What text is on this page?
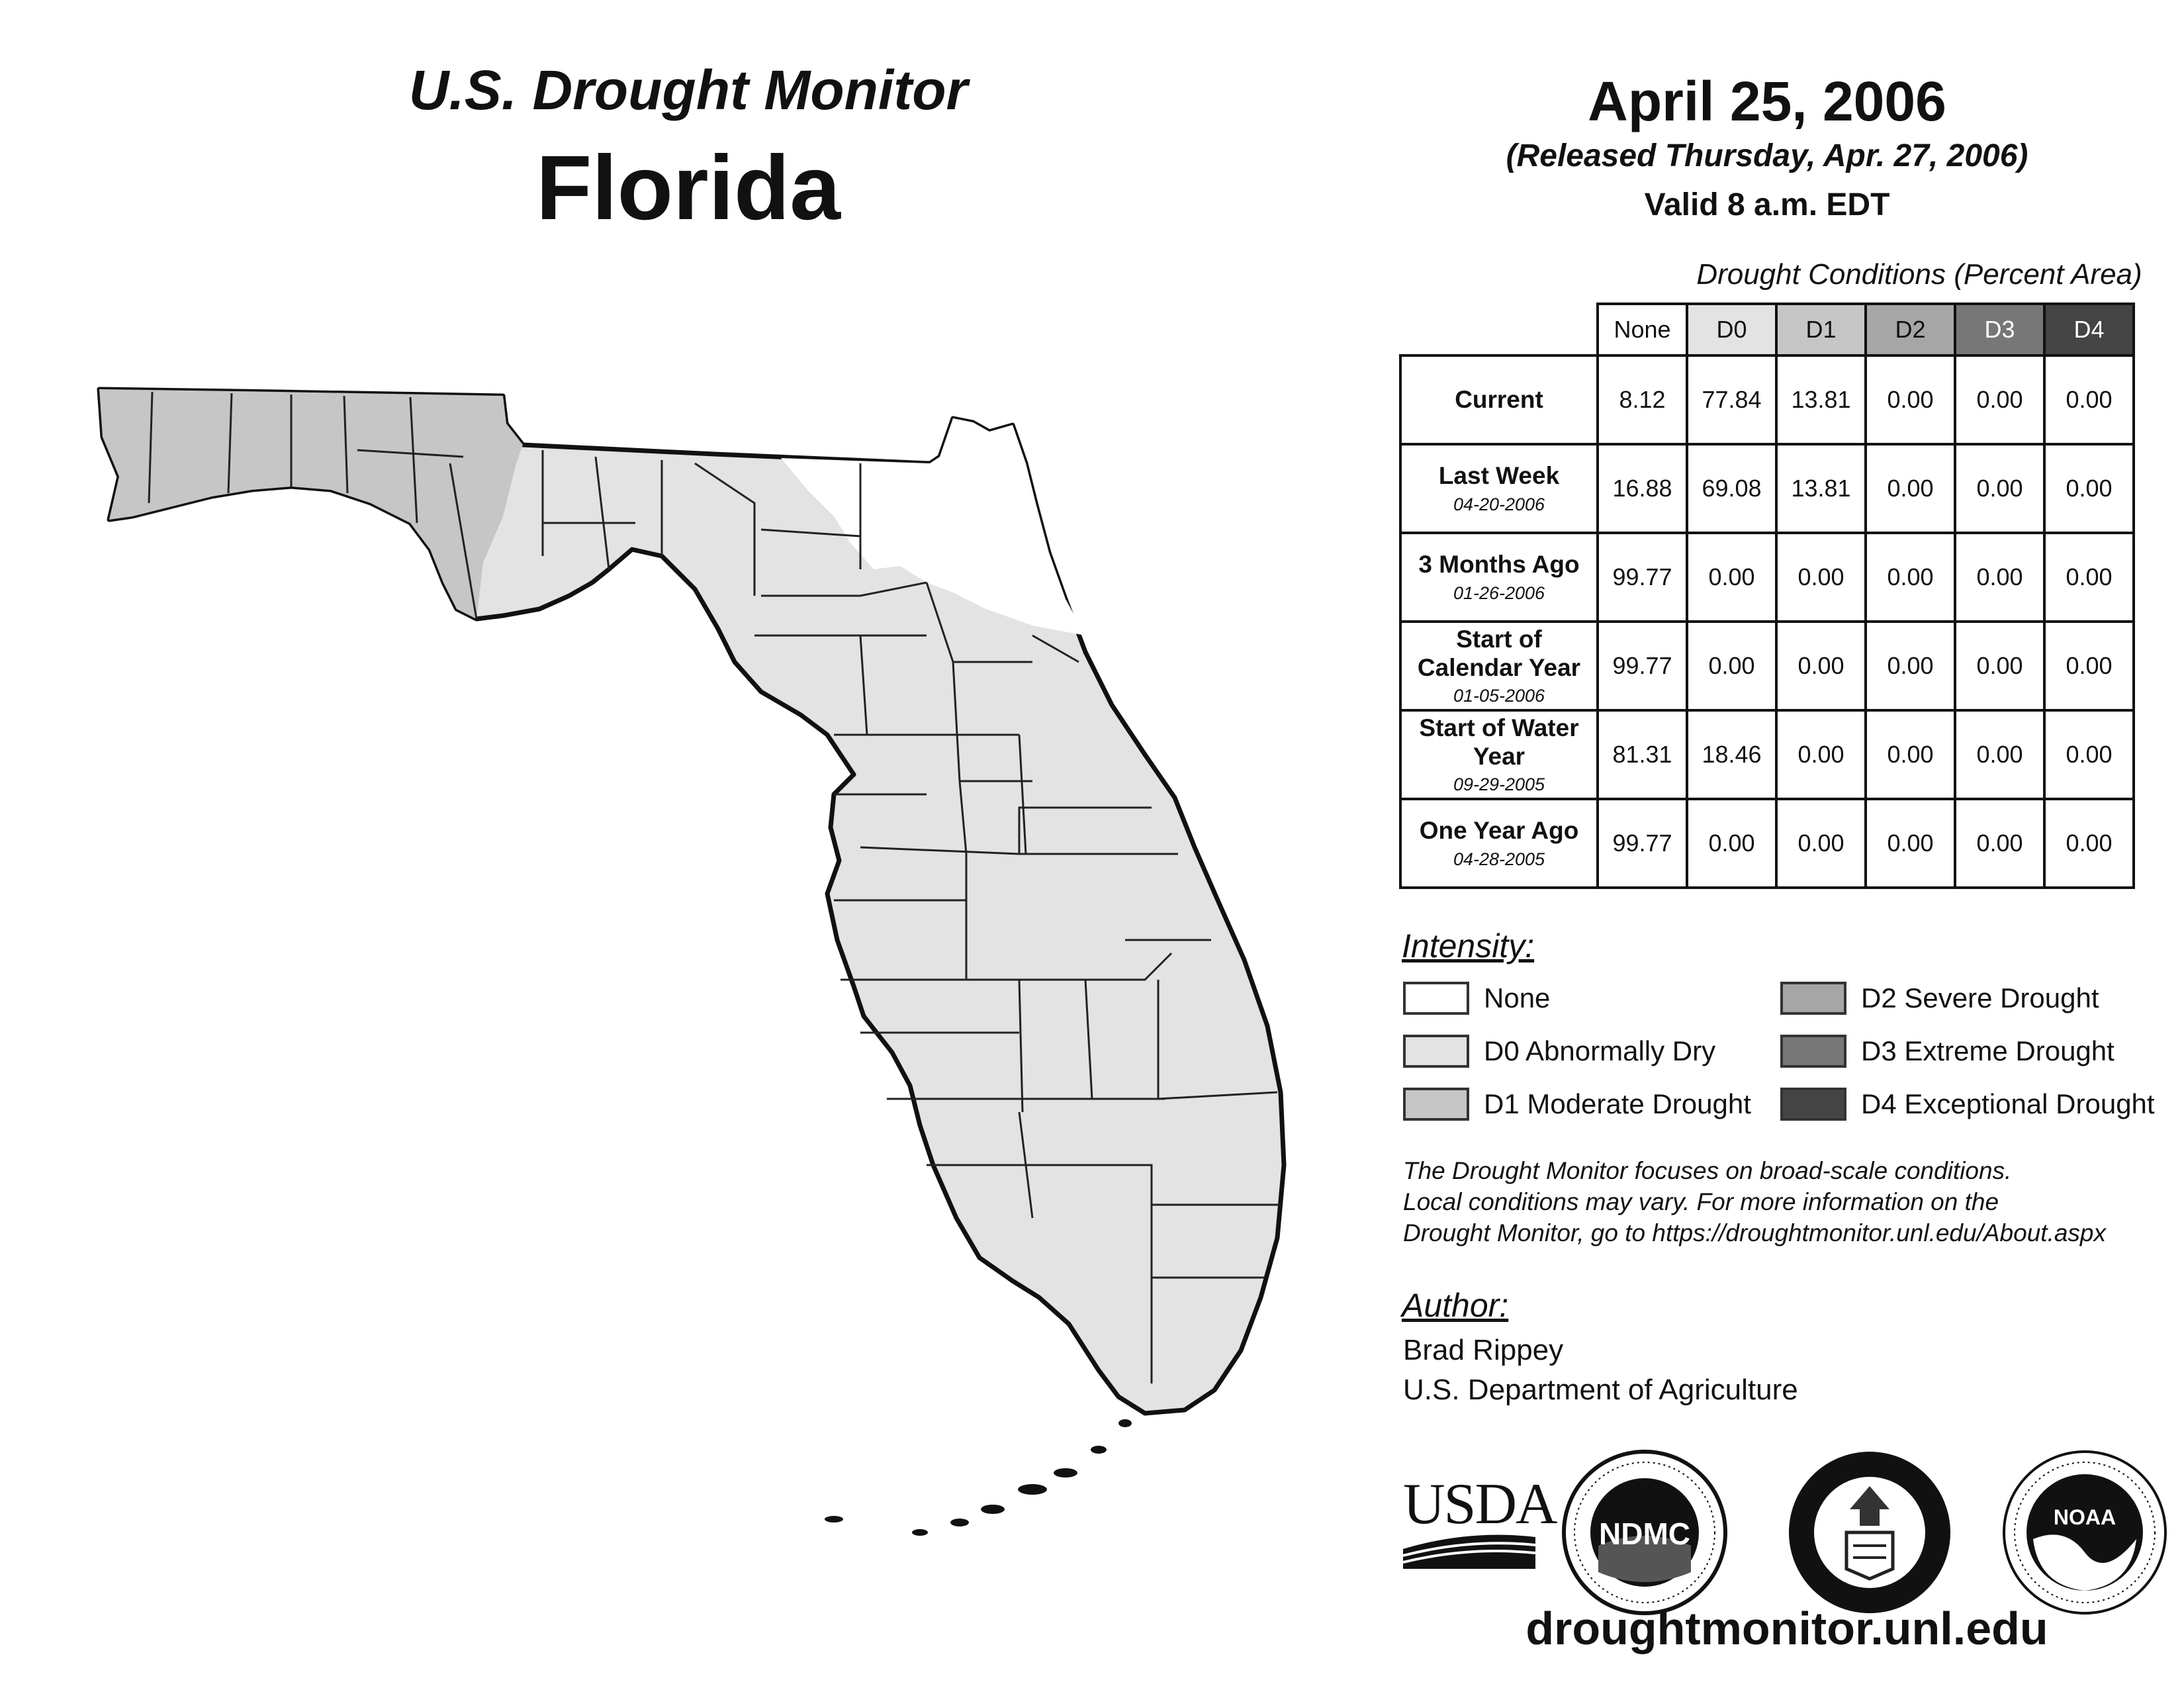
U.S. Drought Monitor
Florida
April 25, 2006
(Released Thursday, Apr. 27, 2006)
Valid 8 a.m. EDT
Drought Conditions (Percent Area)
	None	D0	D1	D2	D3	D4

Current	8.12	77.84	13.81	0.00	0.00	0.00

Last Week
04-20-2006	16.88	69.08	13.81	0.00	0.00	0.00

3 Months Ago
01-26-2006	99.77	0.00	0.00	0.00	0.00	0.00

Start of Calendar Year
01-05-2006	99.77	0.00	0.00	0.00	0.00	0.00

Start of Water Year
09-29-2005	81.31	18.46	0.00	0.00	0.00	0.00

One Year Ago
04-28-2005	99.77	0.00	0.00	0.00	0.00	0.00
Intensity:
None
D0 Abnormally Dry
D1 Moderate Drought
D2 Severe Drought
D3 Extreme Drought
D4 Exceptional Drought
The Drought Monitor focuses on broad-scale conditions.
Local conditions may vary. For more information on the
Drought Monitor, go to https://droughtmonitor.unl.edu/About.aspx
Author:
Brad Rippey
U.S. Department of Agriculture
USDA NDMC	NOAA
droughtmonitor.unl.edu
